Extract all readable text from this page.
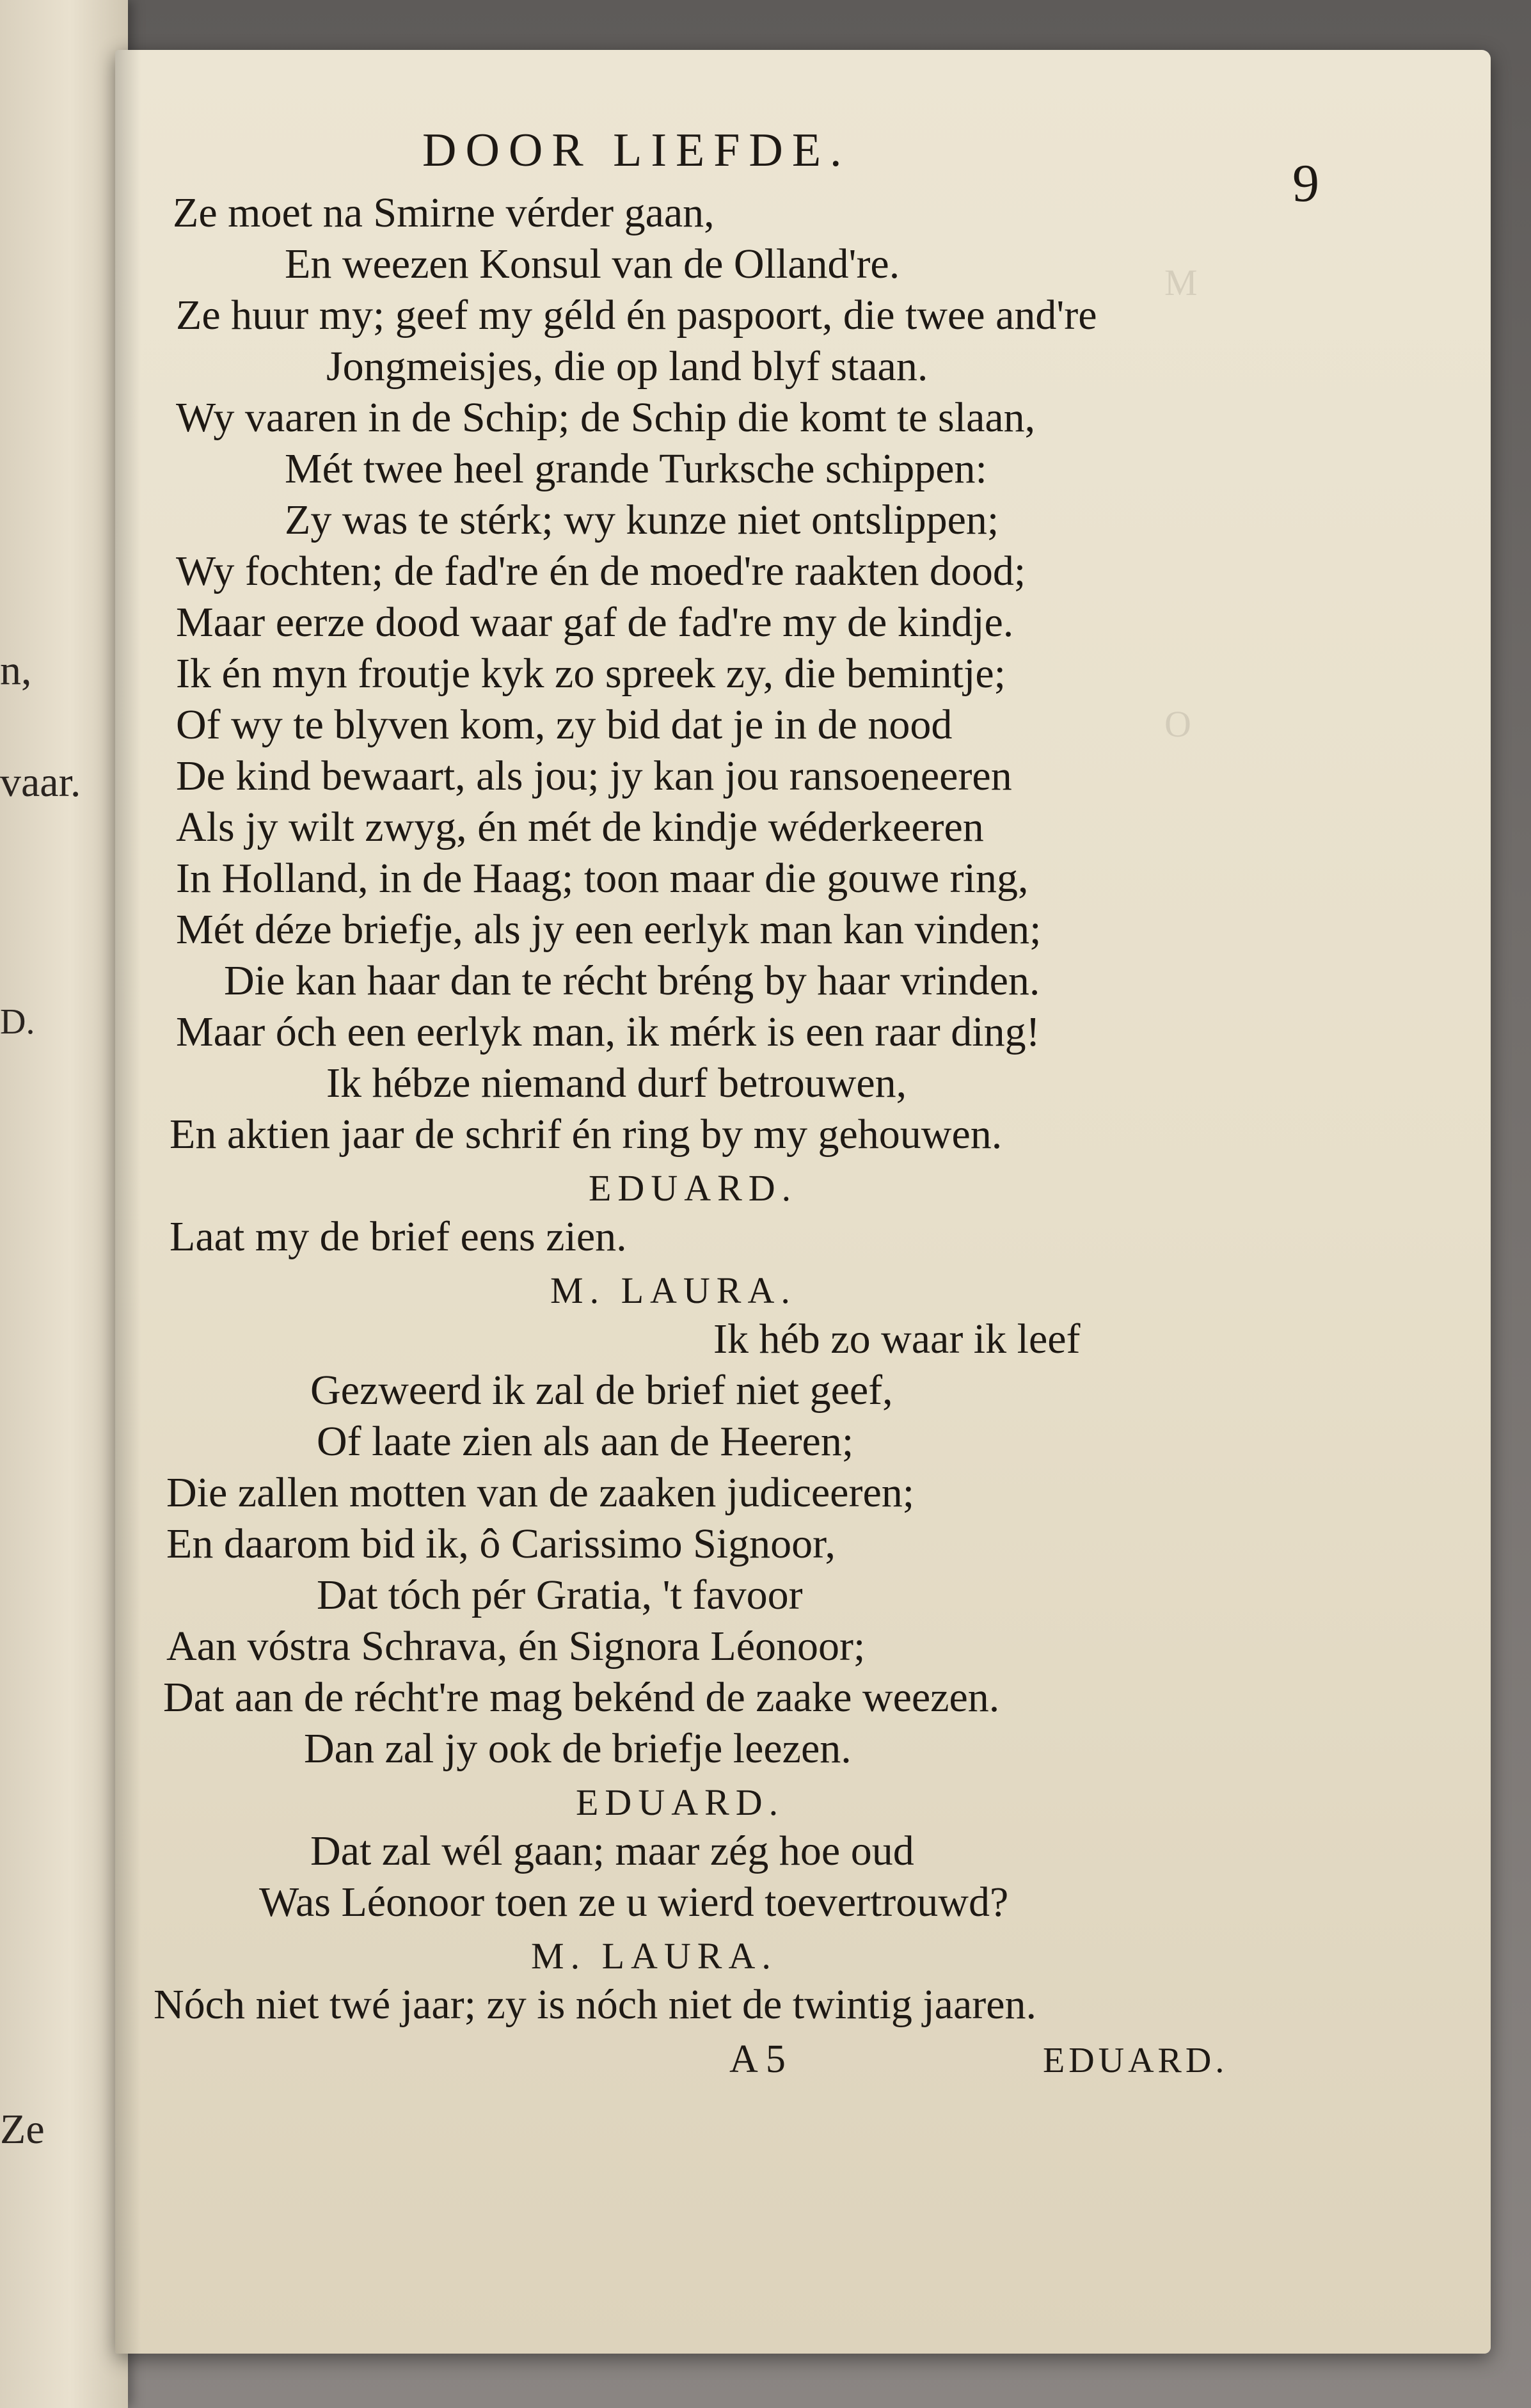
n,
vaar.
D.
Ze
DOOR LIEFDE.
9
M
O
Ze moet na Smirne vérder gaan,
En weezen Konsul van de Olland're.
Ze huur my; geef my géld én paspoort, die twee and're
Jongmeisjes, die op land blyf staan.
Wy vaaren in de Schip; de Schip die komt te slaan,
Mét twee heel grande Turksche schippen:
Zy was te stérk; wy kunze niet ontslippen;
Wy fochten; de fad're én de moed're raakten dood;
Maar eerze dood waar gaf de fad're my de kindje.
Ik én myn froutje kyk zo spreek zy, die bemintje;
Of wy te blyven kom, zy bid dat je in de nood
De kind bewaart, als jou; jy kan jou ransoeneeren
Als jy wilt zwyg, én mét de kindje wéderkeeren
In Holland, in de Haag; toon maar die gouwe ring,
Mét déze briefje, als jy een eerlyk man kan vinden;
Die kan haar dan te récht bréng by haar vrinden.
Maar óch een eerlyk man, ik mérk is een raar ding!
Ik hébze niemand durf betrouwen,
En aktien jaar de schrif én ring by my gehouwen.
EDUARD.
Laat my de brief eens zien.
M. LAURA.
Ik héb zo waar ik leef
Gezweerd ik zal de brief niet geef,
Of laate zien als aan de Heeren;
Die zallen motten van de zaaken judiceeren;
En daarom bid ik, ô Carissimo Signoor,
Dat tóch pér Gratia, 't favoor
Aan vóstra Schrava, én Signora Léonoor;
Dat aan de récht're mag bekénd de zaake weezen.
Dan zal jy ook de briefje leezen.
EDUARD.
Dat zal wél gaan; maar zég hoe oud
Was Léonoor toen ze u wierd toevertrouwd?
M. LAURA.
Nóch niet twé jaar; zy is nóch niet de twintig jaaren.
A 5	EDUARD.
